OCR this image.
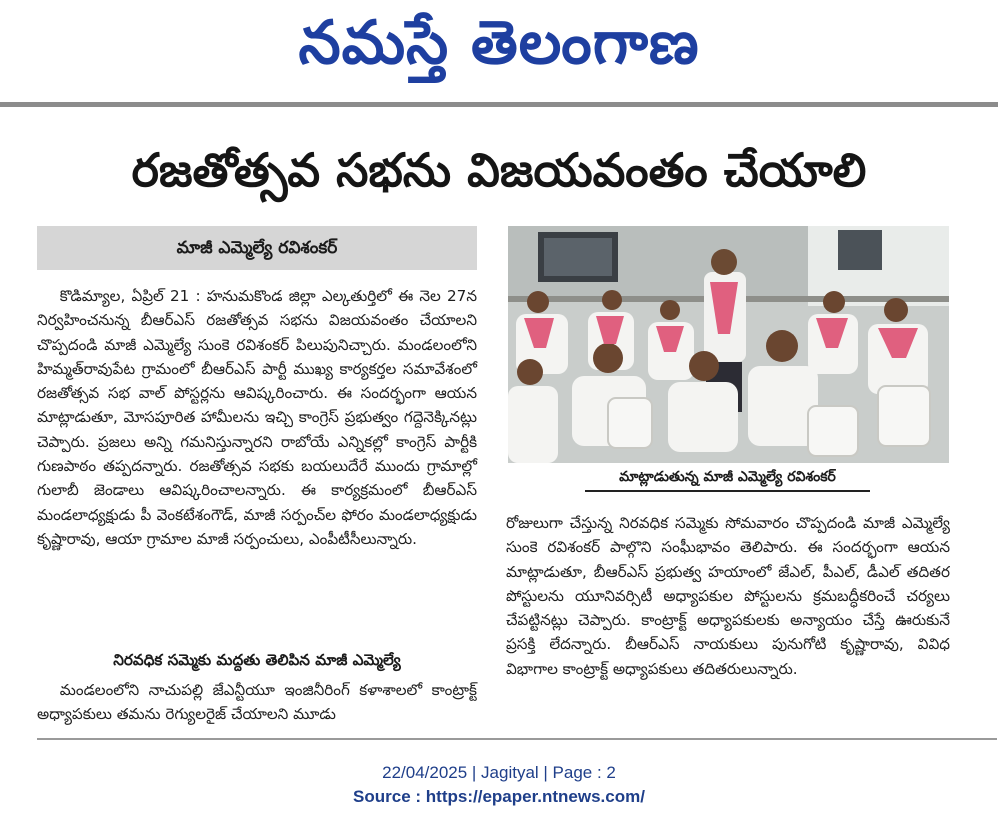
నమస్తే తెలంగాణ
రజతోత్సవ సభను విజయవంతం చేయాలి
మాజీ ఎమ్మెల్యే రవిశంకర్

కొడిమ్యాల, ఏప్రిల్ 21 : హనుమకొండ జిల్లా ఎల్కతుర్తిలో ఈ నెల 27న నిర్వహించనున్న బీఆర్ఎస్ రజతోత్సవ సభను విజయవంతం చేయాలని చొప్పదండి మాజీ ఎమ్మెల్యే సుంకె రవిశంకర్ పిలుపునిచ్చారు. మండలంలోని హిమ్మత్‌రావుపేట గ్రామంలో బీఆర్ఎస్ పార్టీ ముఖ్య కార్యకర్తల సమావేశంలో రజతోత్సవ సభ వాల్ పోస్టర్లను ఆవిష్కరించారు. ఈ సందర్భంగా ఆయన మాట్లాడుతూ, మోసపూరిత హామీలను ఇచ్చి కాంగ్రెస్ ప్రభుత్వం గద్దెనెక్కినట్లు చెప్పారు. ప్రజలు అన్ని గమనిస్తున్నారని రాబోయే ఎన్నికల్లో కాంగ్రెస్ పార్టీకి గుణపాఠం తప్పదన్నారు. రజతోత్సవ సభకు బయలుదేరే ముందు గ్రామాల్లో గులాబీ జెండాలు ఆవిష్కరించాలన్నారు. ఈ కార్యక్రమంలో బీఆర్ఎస్ మండలాధ్యక్షుడు పీ వెంకటేశంగౌడ్, మాజీ సర్పంచ్‌ల ఫోరం మండలాధ్యక్షుడు కృష్ణారావు, ఆయా గ్రామాల మాజీ సర్పంచులు, ఎంపీటీసీలున్నారు.

నిరవధిక సమ్మెకు మద్దతు తెలిపిన మాజీ ఎమ్మెల్యే

మండలంలోని నాచుపల్లి జేఎన్టీయూ ఇంజినీరింగ్ కళాశాలలో కాంట్రాక్ట్ అధ్యాపకులు తమను రెగ్యులరైజ్ చేయాలని మూడు

మాట్లాడుతున్న మాజీ ఎమ్మెల్యే రవిశంకర్

రోజులుగా చేస్తున్న నిరవధిక సమ్మెకు సోమవారం చొప్పదండి మాజీ ఎమ్మెల్యే సుంకె రవిశంకర్ పాల్గొని సంఘీభావం తెలిపారు. ఈ సందర్భంగా ఆయన మాట్లాడుతూ, బీఆర్ఎస్ ప్రభుత్వ హయాంలో జేఎల్, పీఎల్, డీఎల్ తదితర పోస్టులను యూనివర్సిటీ అధ్యాపకుల పోస్టులను క్రమబద్ధీకరించే చర్యలు చేపట్టినట్లు చెప్పారు. కాంట్రాక్ట్ అధ్యాపకులకు అన్యాయం చేస్తే ఊరుకునే ప్రసక్తి లేదన్నారు. బీఆర్ఎస్ నాయకులు పునుగోటి కృష్ణారావు, వివిధ విభాగాల కాంట్రాక్ట్ అధ్యాపకులు తదితరులున్నారు.

22/04/2025 | Jagityal | Page : 2
Source : https://epaper.ntnews.com/
